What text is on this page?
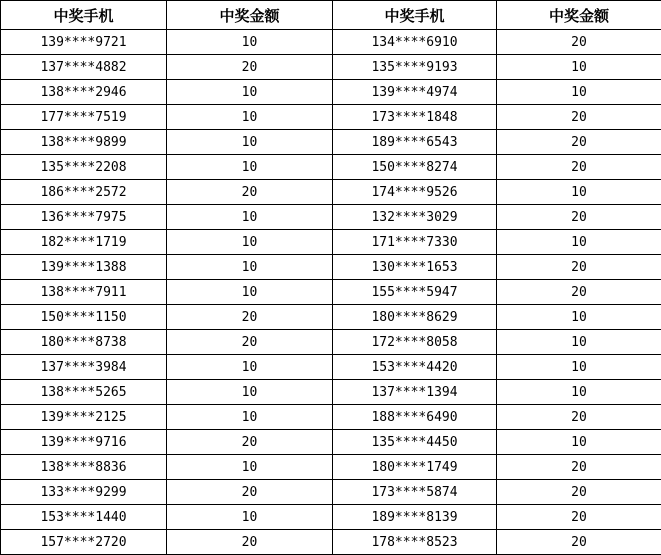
中奖手机	中奖金额	中奖手机	中奖金额
139****9721	10	134****6910	20
137****4882	20	135****9193	10
138****2946	10	139****4974	10
177****7519	10	173****1848	20
138****9899	10	189****6543	20
135****2208	10	150****8274	20
186****2572	20	174****9526	10
136****7975	10	132****3029	20
182****1719	10	171****7330	10
139****1388	10	130****1653	20
138****7911	10	155****5947	20
150****1150	20	180****8629	10
180****8738	20	172****8058	10
137****3984	10	153****4420	10
138****5265	10	137****1394	10
139****2125	10	188****6490	20
139****9716	20	135****4450	10
138****8836	10	180****1749	20
133****9299	20	173****5874	20
153****1440	10	189****8139	20
157****2720	20	178****8523	20
